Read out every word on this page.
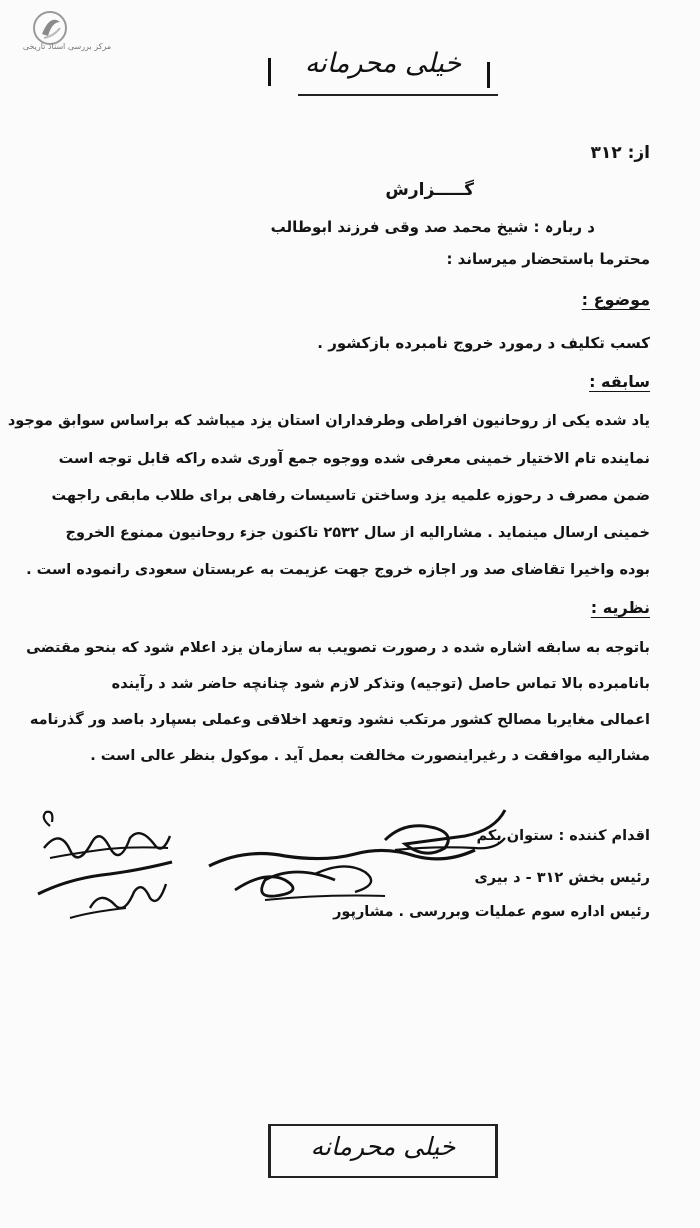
مرکز بررسی اسناد تاریخی
خیلی محرمانه
از: ۳۱۲
گـــــزارش
د ربارہ : شیخ محمد صد وقی فرزند ابوطالب
محترما باستحضار میرساند :
موضوع :
کسب تکلیف د رمورد خروج نامبرده بازکشور .
سابقه :
یاد شده یکی از روحانیون افراطی وطرفداران استان یزد میباشد که براساس سوابق موجود
نماینده تام الاختیار خمینی معرفی شده ووجوه جمع آوری شده راکه قابل توجه است
ضمن مصرف د رحوزه علمیه یزد وساختن تاسیسات رفاهی برای طلاب مابقی راجهت
خمینی ارسال مینماید . مشارالیه از سال ۲۵۳۲ تاکنون جزء روحانیون ممنوع الخروج
بوده واخیرا تقاضای صد ور اجازه خروج جهت عزیمت به عربستان سعودی رانموده است .
نظریه :
باتوجه به سابقه اشاره شده د رصورت تصویب به سازمان یزد اعلام شود که بنحو مقتضی
بانامبرده بالا تماس حاصل (توجیه) وتذکر لازم شود چنانچه حاضر شد د رآینده
اعمالی مغایربا مصالح کشور مرتکب نشود وتعهد اخلاقی وعملی بسپارد باصد ور گذرنامه
مشارالیه موافقت د رغیراینصورت مخالفت بعمل آید . موکول بنظر عالی است .
اقدام کننده : ستوان یکم
رئیس بخش ۳۱۲ - د بیری
رئیس اداره سوم عملیات وبررسی . مشارپور
خیلی محرمانه
